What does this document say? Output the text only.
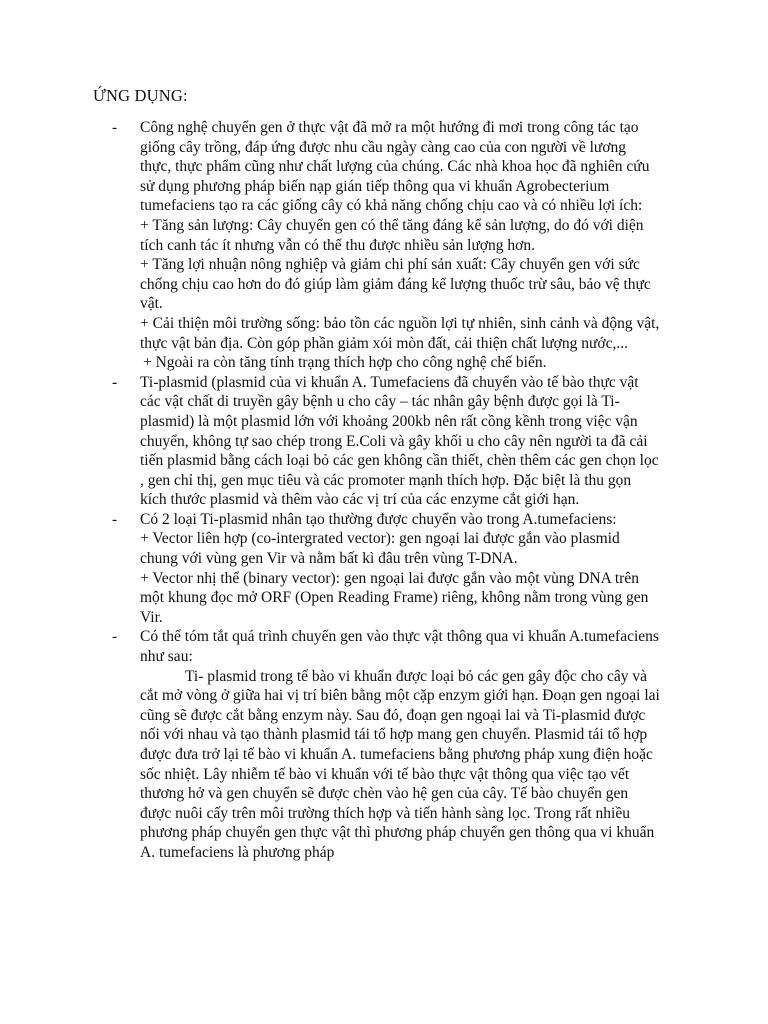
ỨNG DỤNG:
- Công nghệ chuyển gen ở thực vật đã mở ra một hướng đi mơi trong công tác tạo giống cây trồng, đáp ứng được nhu cầu ngày càng cao của con người về lương thực, thực phẩm cũng như chất lượng của chúng. Các nhà khoa học đã nghiên cứu sử dụng phương pháp biến nạp gián tiếp thông qua vi khuẩn Agrobecterium tumefaciens tạo ra các giống cây có khả năng chống chịu cao và có nhiều lợi ích:

+ Tăng sản lượng: Cây chuyển gen có thể tăng đáng kể sản lượng, do đó với diện tích canh tác ít nhưng vẫn có thể thu được nhiều sản lượng hơn.

+ Tăng lợi nhuận nông nghiệp và giảm chi phí sản xuất: Cây chuyển gen với sức chống chịu cao hơn do đó giúp làm giảm đáng kể lượng thuốc trừ sâu, bảo vệ thực vật.

+ Cải thiện môi trường sống: bảo tồn các nguồn lợi tự nhiên, sinh cảnh và động vật, thực vật bản địa. Còn góp phần giảm xói mòn đất, cải thiện chất lượng nước,...

+ Ngoài ra còn tăng tính trạng thích hợp cho công nghệ chế biến.

- Ti-plasmid (plasmid của vi khuẩn A. Tumefaciens đã chuyển vào tế bào thực vật các vật chất di truyền gây bệnh u cho cây – tác nhân gây bệnh được gọi là Ti-plasmid) là một plasmid lớn với khoảng 200kb nên rất cồng kềnh trong việc vận chuyển, không tự sao chép trong E.Coli và gây khối u cho cây nên người ta đã cải tiến plasmid bằng cách loại bỏ các gen không cần thiết, chèn thêm các gen chọn lọc , gen chỉ thị, gen mục tiêu và các promoter mạnh thích hợp. Đặc biệt là thu gọn kích thước plasmid và thêm vào các vị trí của các enzyme cắt giới hạn.

- Có 2 loại Ti-plasmid nhân tạo thường được chuyển vào trong A.tumefaciens:

+ Vector liên hợp (co-intergrated vector): gen ngoại lai được gắn vào plasmid chung với vùng gen Vir và nằm bất kì đâu trên vùng T-DNA.

+ Vector nhị thể (binary vector): gen ngoại lai được gắn vào một vùng DNA trên một khung đọc mở ORF (Open Reading Frame) riêng, không nằm trong vùng gen Vir.

- Có thể tóm tắt quá trình chuyển gen vào thực vật thông qua vi khuẩn A.tumefaciens như sau:

Ti- plasmid trong tế bào vi khuẩn được loại bỏ các gen gây độc cho cây và cắt mở vòng ở giữa hai vị trí biên bằng một cặp enzym giới hạn. Đoạn gen ngoại lai cũng sẽ được cắt bằng enzym này. Sau đó, đoạn gen ngoại lai và Ti-plasmid được nối với nhau và tạo thành plasmid tái tổ hợp mang gen chuyển. Plasmid tái tổ hợp được đưa trở lại tế bào vi khuẩn A. tumefaciens bằng phương pháp xung điện hoặc sốc nhiệt. Lây nhiễm tế bào vi khuẩn với tế bào thực vật thông qua việc tạo vết thương hở và gen chuyển sẽ được chèn vào hệ gen của cây. Tế bào chuyển gen được nuôi cấy trên môi trường thích hợp và tiến hành sàng lọc. Trong rất nhiều phương pháp chuyển gen thực vật thì phương pháp chuyển gen thông qua vi khuẩn A. tumefaciens là phương pháp
